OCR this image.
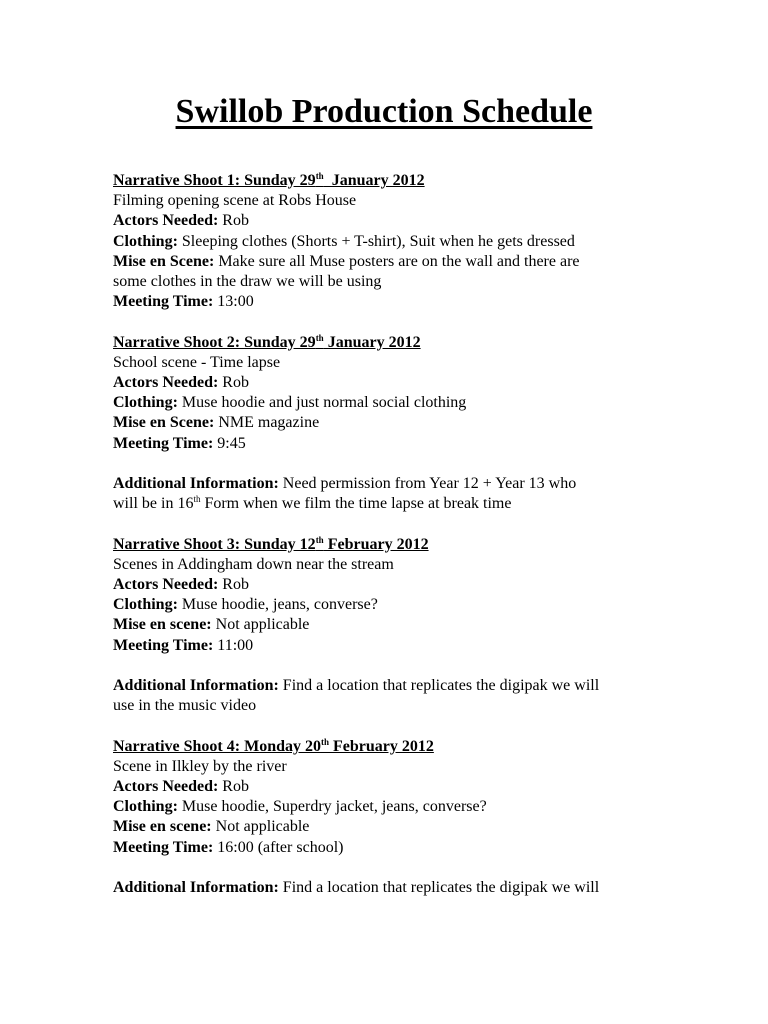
Swillob Production Schedule
Narrative Shoot 1: Sunday 29th  January 2012
Filming opening scene at Robs House
Actors Needed: Rob
Clothing: Sleeping clothes (Shorts + T-shirt), Suit when he gets dressed
Mise en Scene: Make sure all Muse posters are on the wall and there are
some clothes in the draw we will be using
Meeting Time: 13:00
Narrative Shoot 2: Sunday 29th January 2012
School scene - Time lapse
Actors Needed: Rob
Clothing: Muse hoodie and just normal social clothing
Mise en Scene: NME magazine
Meeting Time: 9:45
Additional Information: Need permission from Year 12 + Year 13 who
will be in 16th Form when we film the time lapse at break time
Narrative Shoot 3: Sunday 12th February 2012
Scenes in Addingham down near the stream
Actors Needed: Rob
Clothing: Muse hoodie, jeans, converse?
Mise en scene: Not applicable
Meeting Time: 11:00
Additional Information: Find a location that replicates the digipak we will
use in the music video
Narrative Shoot 4: Monday 20th February 2012
Scene in Ilkley by the river
Actors Needed: Rob
Clothing: Muse hoodie, Superdry jacket, jeans, converse?
Mise en scene: Not applicable
Meeting Time: 16:00 (after school)
Additional Information: Find a location that replicates the digipak we will
